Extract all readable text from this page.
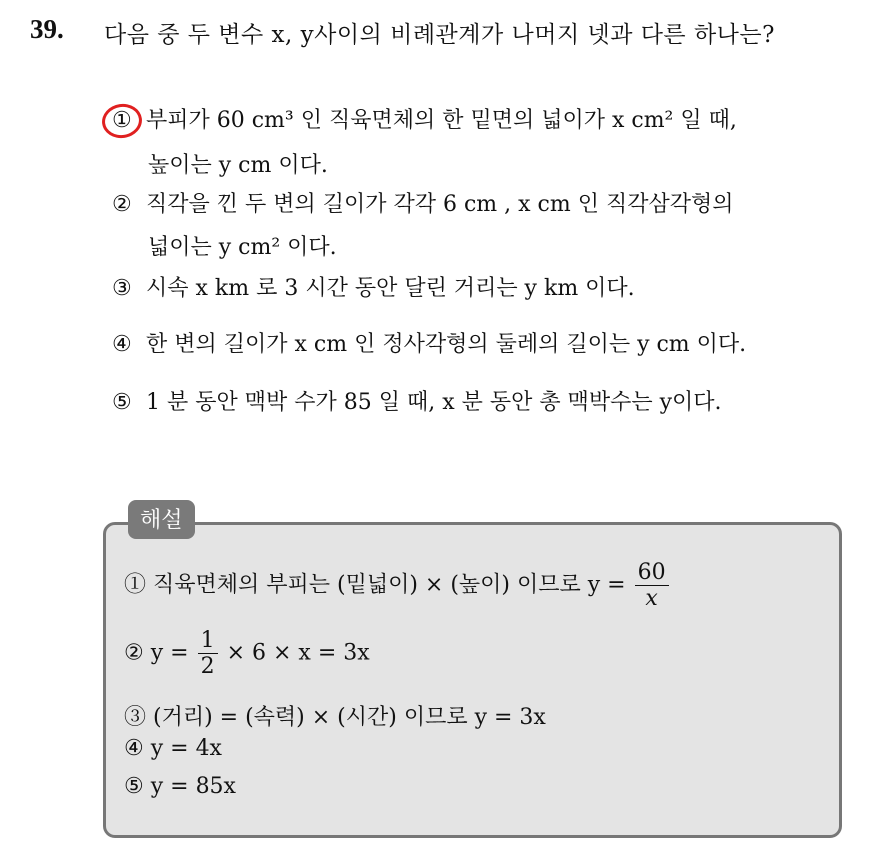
39. 다음 중 두 변수 x, y사이의 비례관계가 나머지 넷과 다른 하나는?
① 부피가 60 cm³ 인 직육면체의 한 밑면의 넓이가 x cm² 일 때,
높이는 y cm 이다.
② 직각을 낀 두 변의 길이가 각각 6 cm , x cm 인 직각삼각형의
넓이는 y cm² 이다.
③ 시속 x km 로 3 시간 동안 달린 거리는 y km 이다.
④ 한 변의 길이가 x cm 인 정사각형의 둘레의 길이는 y cm 이다.
⑤ 1 분 동안 맥박 수가 85 일 때, x 분 동안 총 맥박수는 y이다.
해설
① 직육면체의 부피는 (밑넓이) × (높이) 이므로 $y = \frac{60}{x}$
② $y = \frac{1}{2} \times 6 \times x = 3x$
③ (거리) = (속력) × (시간) 이므로 y = 3x
④ y = 4x
⑤ y = 85x
